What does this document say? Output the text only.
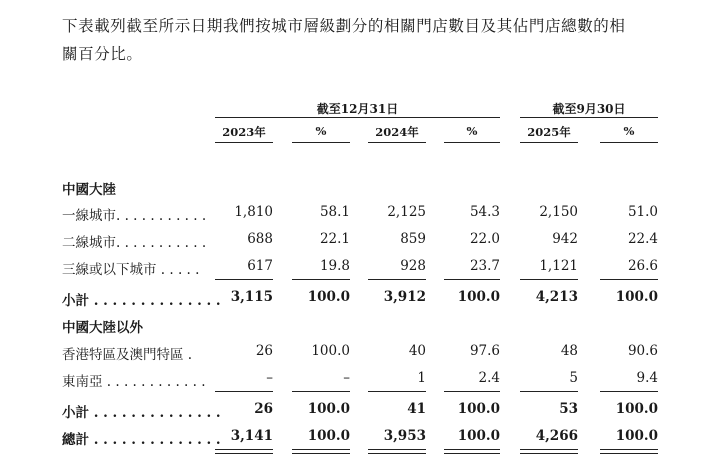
下表載列截至所示日期我們按城市層級劃分的相關門店數目及其佔門店總數的相
關百分比。
截至12月31日	截至9月30日
2023年	%	2024年	%	2025年	%
中國大陸
一線城市. . . . . . . . . . . 1,810	58.1	2,125	54.3	2,150	51.0
二線城市. . . . . . . . . . .	688	22.1	859	22.0	942	22.4
三線或以下城市 . . . . .	617	19.8	928	23.7	1,121	26.6
小計 . . . . . . . . . . . . . . 3,115	100.0 3,912 100.0	4,213	100.0
中國大陸以外
香港特區及澳門特區 .	26	100.0	40	97.6	48	90.6
東南亞 . . . . . . . . . . . .	–	–	1	2.4	5	9.4
小計 . . . . . . . . . . . . . . 26	100.0	41 100.0	53	100.0
總計 . . . . . . . . . . . . . . 3,141	100.0 3,953 100.0	4,266	100.0
